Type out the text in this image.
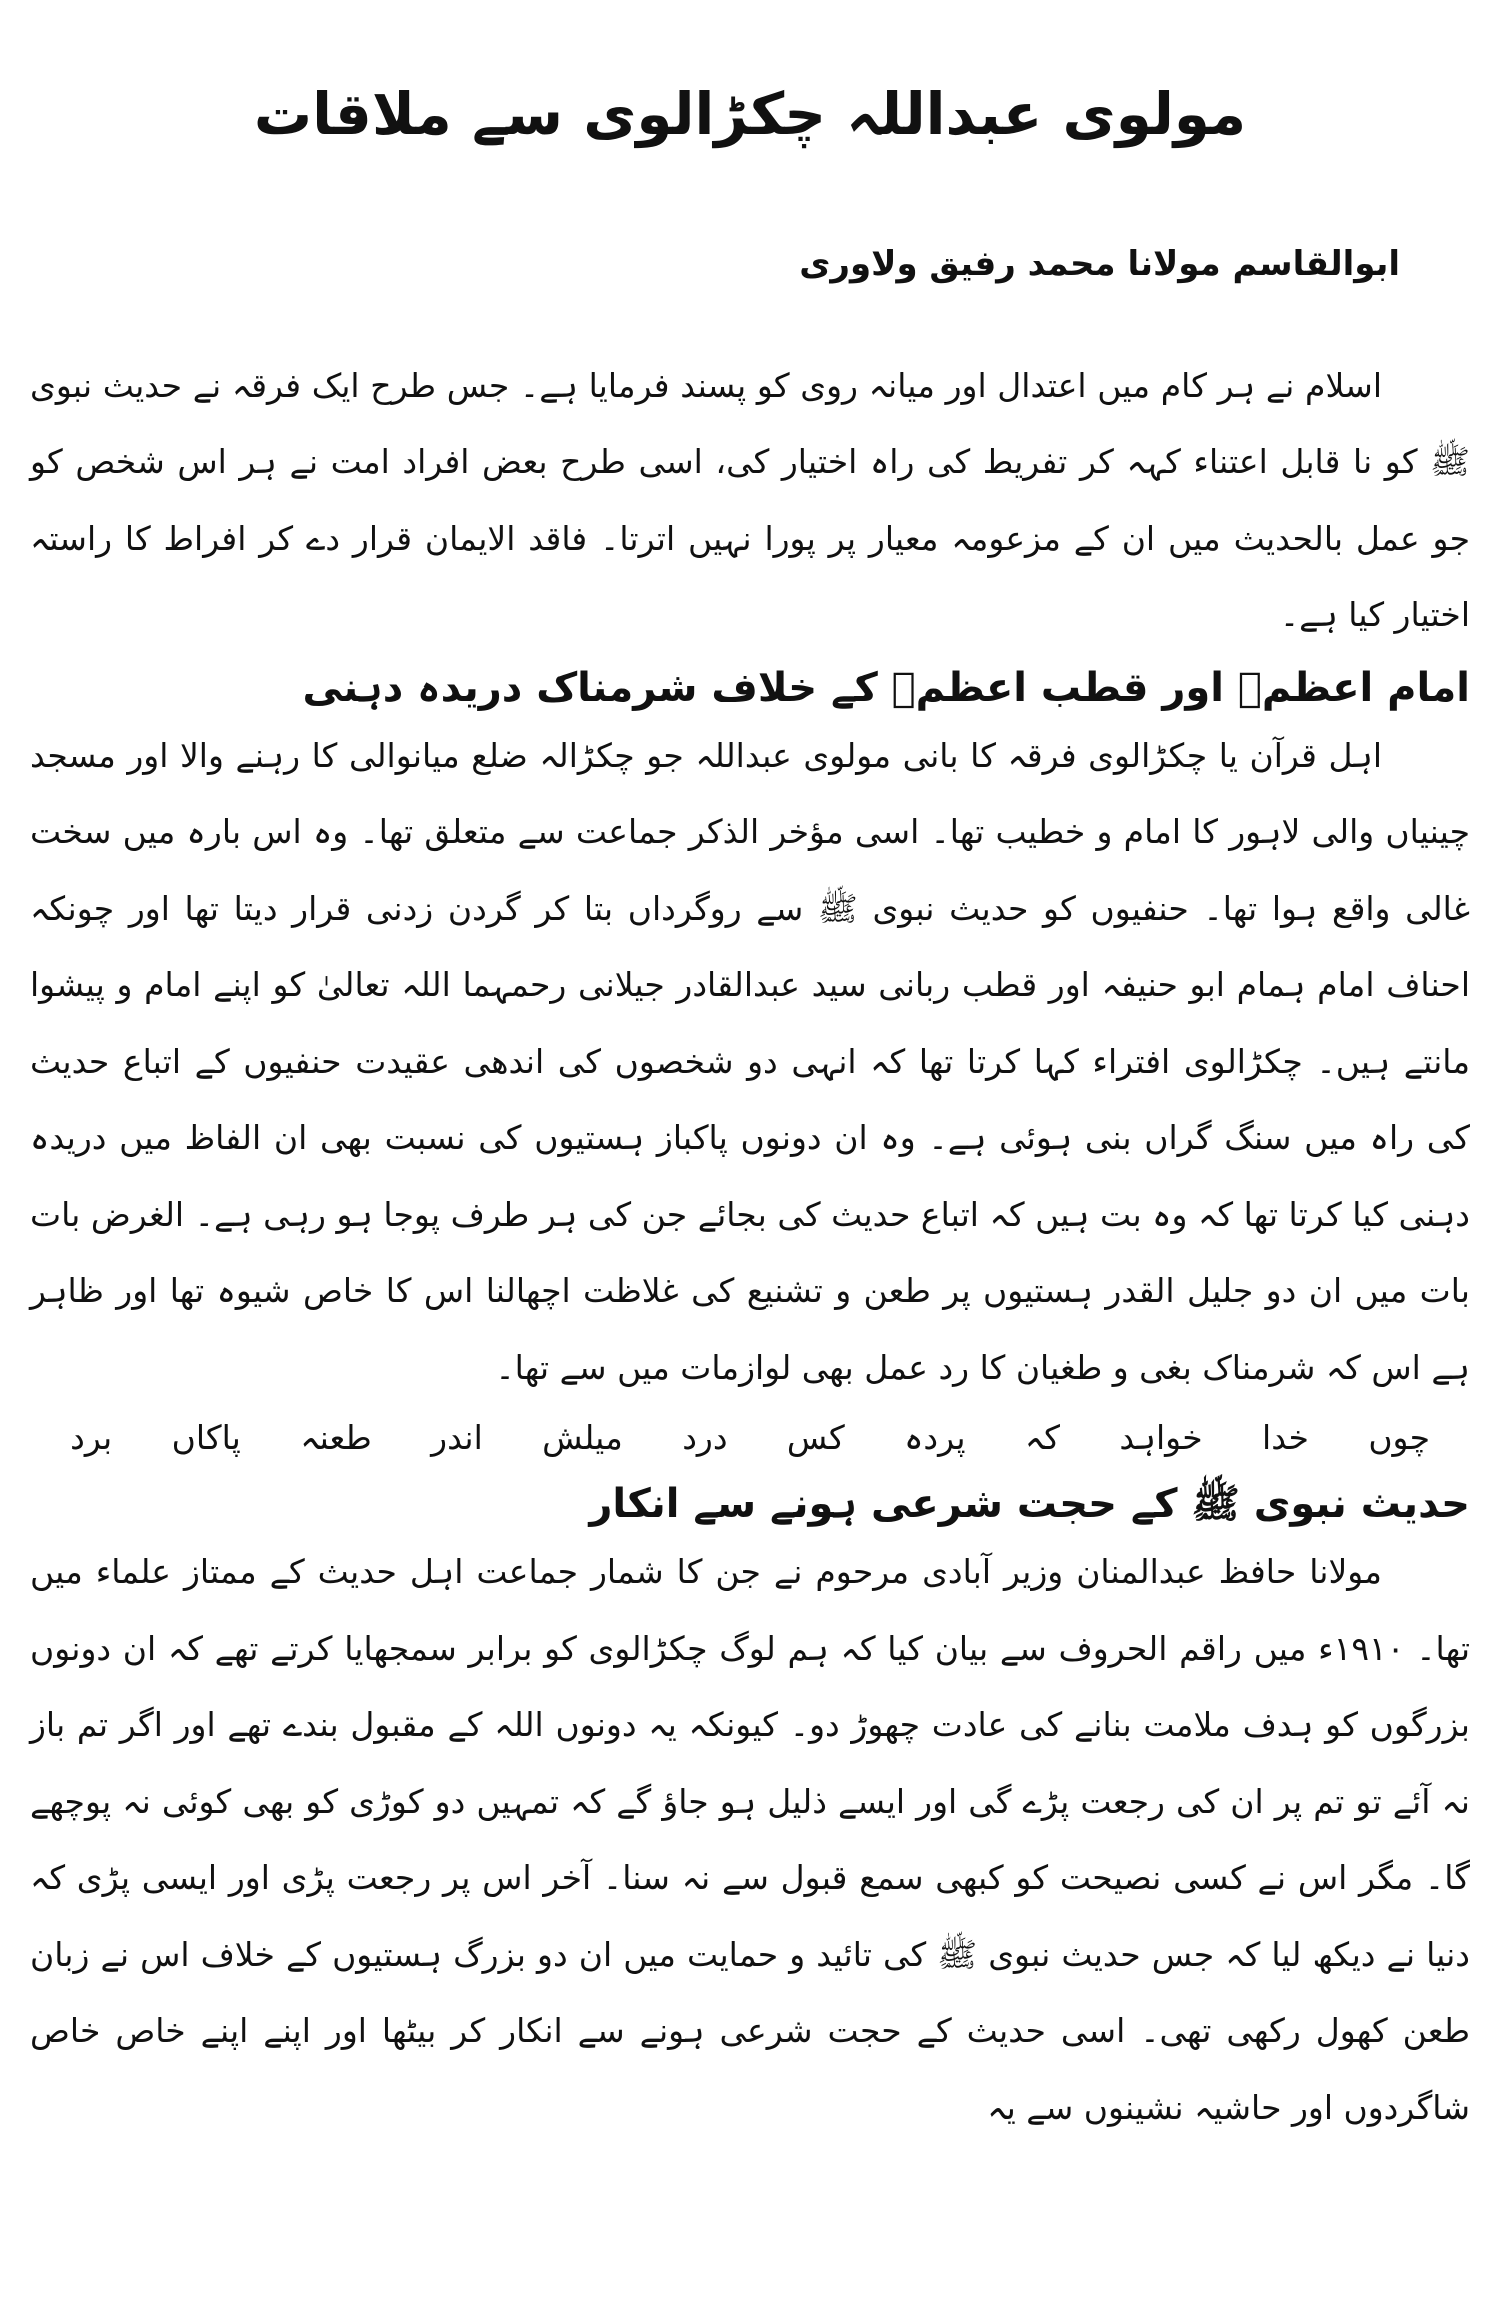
مولوی عبداللہ چکڑالوی سے ملاقات
ابوالقاسم مولانا محمد رفیق ولاوری

اسلام نے ہر کام میں اعتدال اور میانہ روی کو پسند فرمایا ہے۔ جس طرح ایک فرقہ نے حدیث نبوی ﷺ کو نا قابل اعتناء کہہ کر تفریط کی راہ اختیار کی، اسی طرح بعض افراد امت نے ہر اس شخص کو جو عمل بالحدیث میں ان کے مزعومہ معیار پر پورا نہیں اترتا۔ فاقد الایمان قرار دے کر افراط کا راستہ اختیار کیا ہے۔

امام اعظمؒ اور قطب اعظمؒ کے خلاف شرمناک دریدہ دہنی

اہل قرآن یا چکڑالوی فرقہ کا بانی مولوی عبداللہ جو چکڑالہ ضلع میانوالی کا رہنے والا اور مسجد چینیاں والی لاہور کا امام و خطیب تھا۔ اسی مؤخر الذکر جماعت سے متعلق تھا۔ وہ اس بارہ میں سخت غالی واقع ہوا تھا۔ حنفیوں کو حدیث نبوی ﷺ سے روگرداں بتا کر گردن زدنی قرار دیتا تھا اور چونکہ احناف امام ہمام ابو حنیفہ اور قطب ربانی سید عبدالقادر جیلانی رحمہما اللہ تعالیٰ کو اپنے امام و پیشوا مانتے ہیں۔ چکڑالوی افتراء کہا کرتا تھا کہ انہی دو شخصوں کی اندھی عقیدت حنفیوں کے اتباع حدیث کی راہ میں سنگ گراں بنی ہوئی ہے۔ وہ ان دونوں پاکباز ہستیوں کی نسبت بھی ان الفاظ میں دریدہ دہنی کیا کرتا تھا کہ وہ بت ہیں کہ اتباع حدیث کی بجائے جن کی ہر طرف پوجا ہو رہی ہے۔ الغرض بات بات میں ان دو جلیل القدر ہستیوں پر طعن و تشنیع کی غلاظت اچھالنا اس کا خاص شیوہ تھا اور ظاہر ہے اس کہ شرمناک بغی و طغیان کا رد عمل بھی لوازمات میں سے تھا۔

چوں
خدا
خواہد
کہ
پردہ
کس
درد
میلش
اندر
طعنہ
پاکاں
برد
حدیث نبوی ﷺ کے حجت شرعی ہونے سے انکار

مولانا حافظ عبدالمنان وزیر آبادی مرحوم نے جن کا شمار جماعت اہل حدیث کے ممتاز علماء میں تھا۔ ۱۹۱۰ء میں راقم الحروف سے بیان کیا کہ ہم لوگ چکڑالوی کو برابر سمجھایا کرتے تھے کہ ان دونوں بزرگوں کو ہدف ملامت بنانے کی عادت چھوڑ دو۔ کیونکہ یہ دونوں اللہ کے مقبول بندے تھے اور اگر تم باز نہ آئے تو تم پر ان کی رجعت پڑے گی اور ایسے ذلیل ہو جاؤ گے کہ تمہیں دو کوڑی کو بھی کوئی نہ پوچھے گا۔ مگر اس نے کسی نصیحت کو کبھی سمع قبول سے نہ سنا۔ آخر اس پر رجعت پڑی اور ایسی پڑی کہ دنیا نے دیکھ لیا کہ جس حدیث نبوی ﷺ کی تائید و حمایت میں ان دو بزرگ ہستیوں کے خلاف اس نے زبان طعن کھول رکھی تھی۔ اسی حدیث کے حجت شرعی ہونے سے انکار کر بیٹھا اور اپنے اپنے خاص خاص شاگردوں اور حاشیہ نشینوں سے یہ
